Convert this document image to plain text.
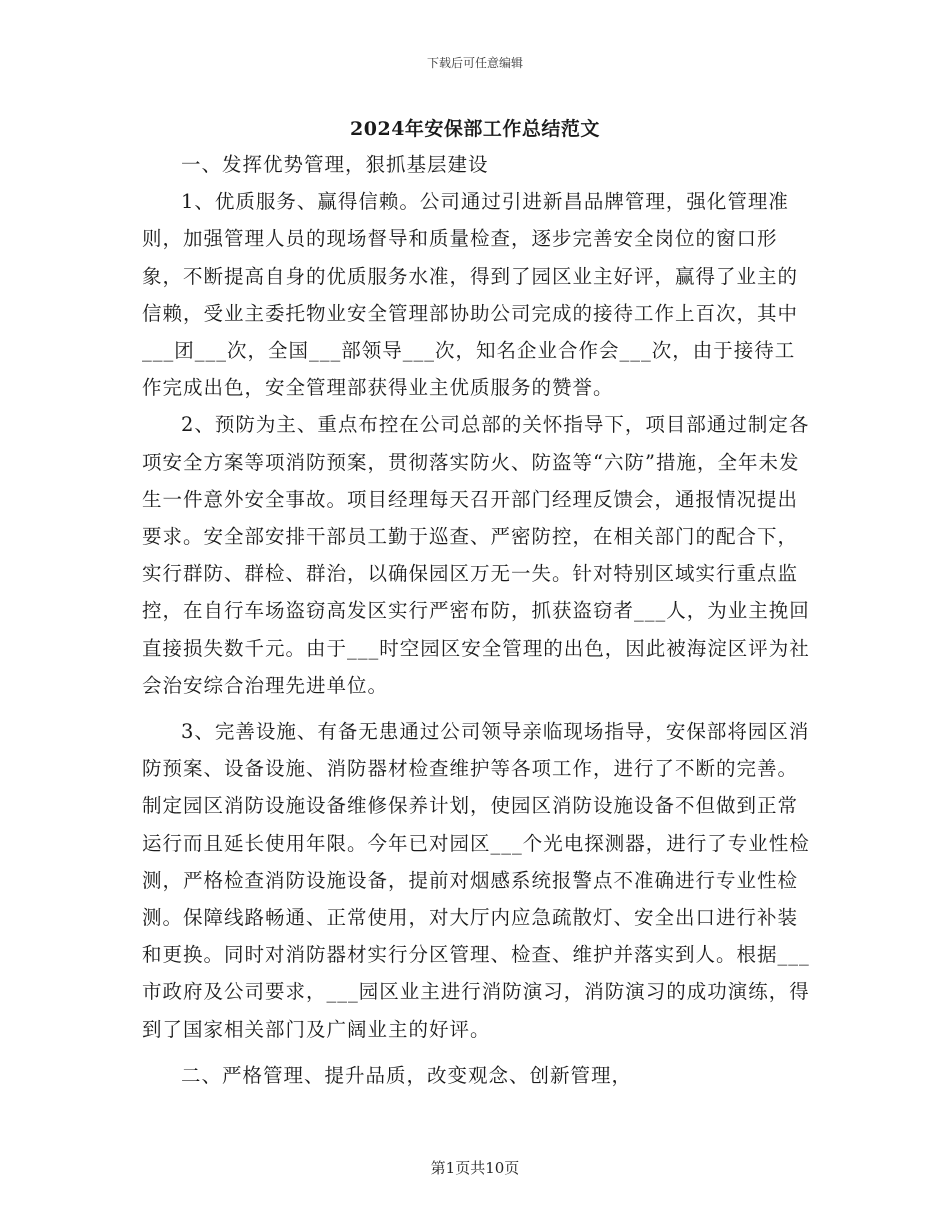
下载后可任意编辑
2024年安保部工作总结范文

一、发挥优势管理，狠抓基层建设

1、优质服务、赢得信赖。公司通过引进新昌品牌管理，强化管理准则，加强管理人员的现场督导和质量检查，逐步完善安全岗位的窗口形象，不断提高自身的优质服务水准，得到了园区业主好评，赢得了业主的信赖，受业主委托物业安全管理部协助公司完成的接待工作上百次，其中___团___次，全国___部领导___次，知名企业合作会___次，由于接待工作完成出色，安全管理部获得业主优质服务的赞誉。

2、预防为主、重点布控在公司总部的关怀指导下，项目部通过制定各项安全方案等项消防预案，贯彻落实防火、防盗等“六防”措施，全年未发生一件意外安全事故。项目经理每天召开部门经理反馈会，通报情况提出要求。安全部安排干部员工勤于巡查、严密防控，在相关部门的配合下，实行群防、群检、群治，以确保园区万无一失。针对特别区域实行重点监控，在自行车场盗窃高发区实行严密布防，抓获盗窃者___人，为业主挽回直接损失数千元。由于___时空园区安全管理的出色，因此被海淀区评为社会治安综合治理先进单位。

3、完善设施、有备无患通过公司领导亲临现场指导，安保部将园区消防预案、设备设施、消防器材检查维护等各项工作，进行了不断的完善。制定园区消防设施设备维修保养计划，使园区消防设施设备不但做到正常运行而且延长使用年限。今年已对园区___个光电探测器，进行了专业性检测，严格检查消防设施设备，提前对烟感系统报警点不准确进行专业性检测。保障线路畅通、正常使用，对大厅内应急疏散灯、安全出口进行补装和更换。同时对消防器材实行分区管理、检查、维护并落实到人。根据___市政府及公司要求，___园区业主进行消防演习，消防演习的成功演练，得到了国家相关部门及广阔业主的好评。

二、严格管理、提升品质，改变观念、创新管理，

第1页共10页
